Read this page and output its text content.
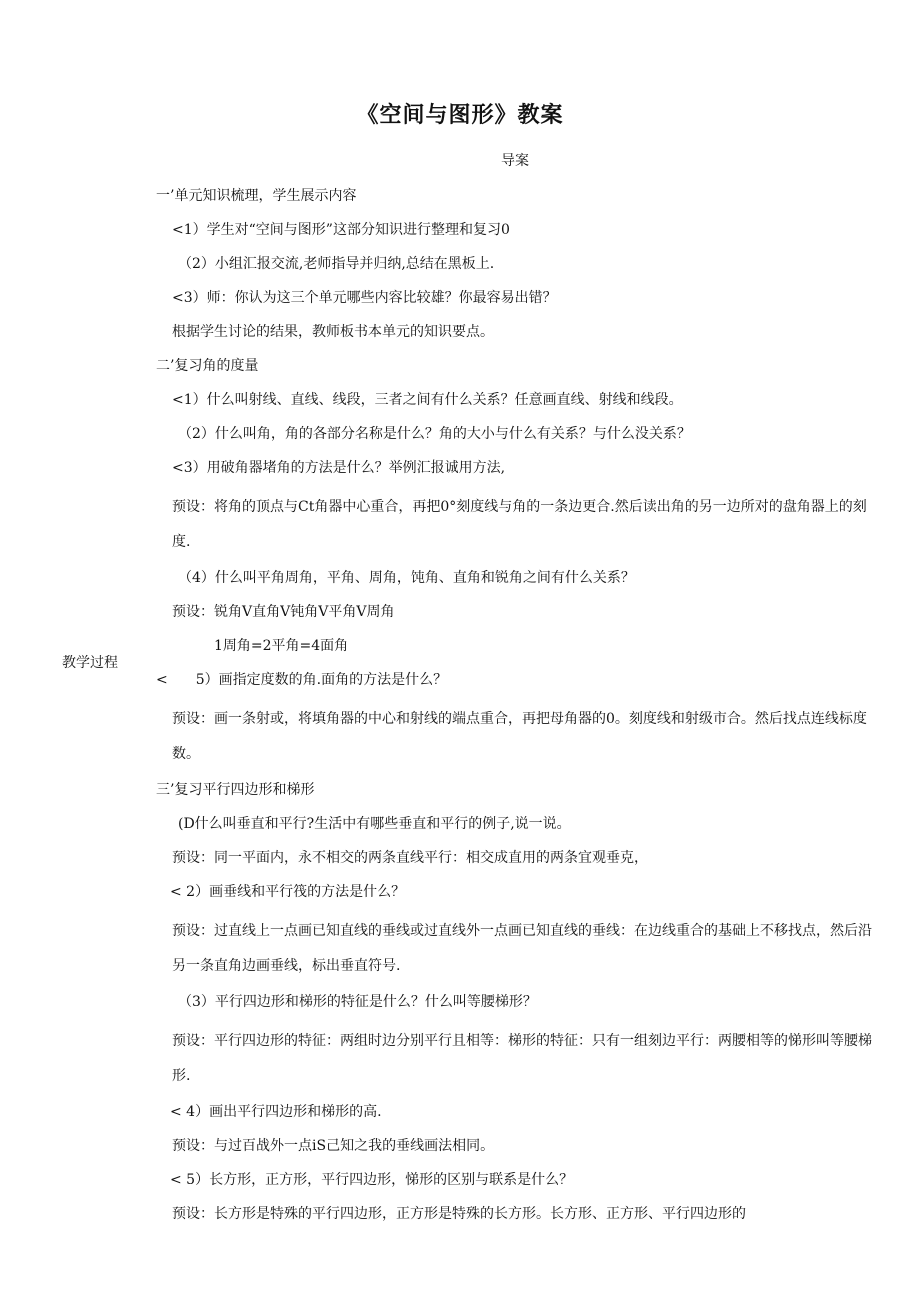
《空间与图形》教案
导案
教学过程

一’单元知识梳理，学生展示内容

<1）学生对“空间与图形”这部分知识进行整理和复习0

（2）小组汇报交流,老师指导并归纳,总结在黑板上.

<3）师：你认为这三个单元哪些内容比较雄？你最容易出错？

根据学生讨论的结果，教师板书本单元的知识要点。

二’复习角的度量

<1）什么叫射线、直线、线段，三者之间有什么关系？任意画直线、射线和线段。

（2）什么叫角，角的各部分名称是什么？角的大小与什么有关系？与什么没关系？

<3）用破角器堵角的方法是什么？举例汇报诚用方法,

预设：将角的顶点与Ct角器中心重合，再把0°刻度线与角的一条边更合.然后读出角的另一边所对的盘角器上的刻度.

（4）什么叫平角周角，平角、周角，饨角、直角和锐角之间有什么关系？

预设：锐角V直角V钝角V平角V周角

1周角=2平角=4面角

<　　5）画指定度数的角.面角的方法是什么？

预设：画一条射或，将填角器的中心和射线的端点重合，再把母角器的0。刻度线和射级市合。然后找点连线标度数。

三’复习平行四边形和梯形

(D什么叫垂直和平行?生活中有哪些垂直和平行的例子,说一说。

预设：同一平面内，永不相交的两条直线平行：相交成直用的两条宜观垂克，

< 2）画垂线和平行筏的方法是什么？

预设：过直线上一点画已知直线的垂线或过直线外一点画已知直线的垂线：在边线重合的基础上不移找点，然后沿另一条直角边画垂线，标出垂直符号.

（3）平行四边形和梯形的特征是什么？什么叫等腰梯形？

预设：平行四边形的特征：两组时边分别平行且相等：梯形的特征：只有一组刻边平行：两腰相等的悌形叫等腰梯形.

< 4）画出平行四边形和梯形的高.

预设：与过百战外一点iS己知之我的垂线画法相同。

< 5）长方形，正方形，平行四边形，悌形的区别与联系是什么？

预设：长方形是特殊的平行四边形，正方形是特殊的长方形。长方形、正方形、平行四边形的
